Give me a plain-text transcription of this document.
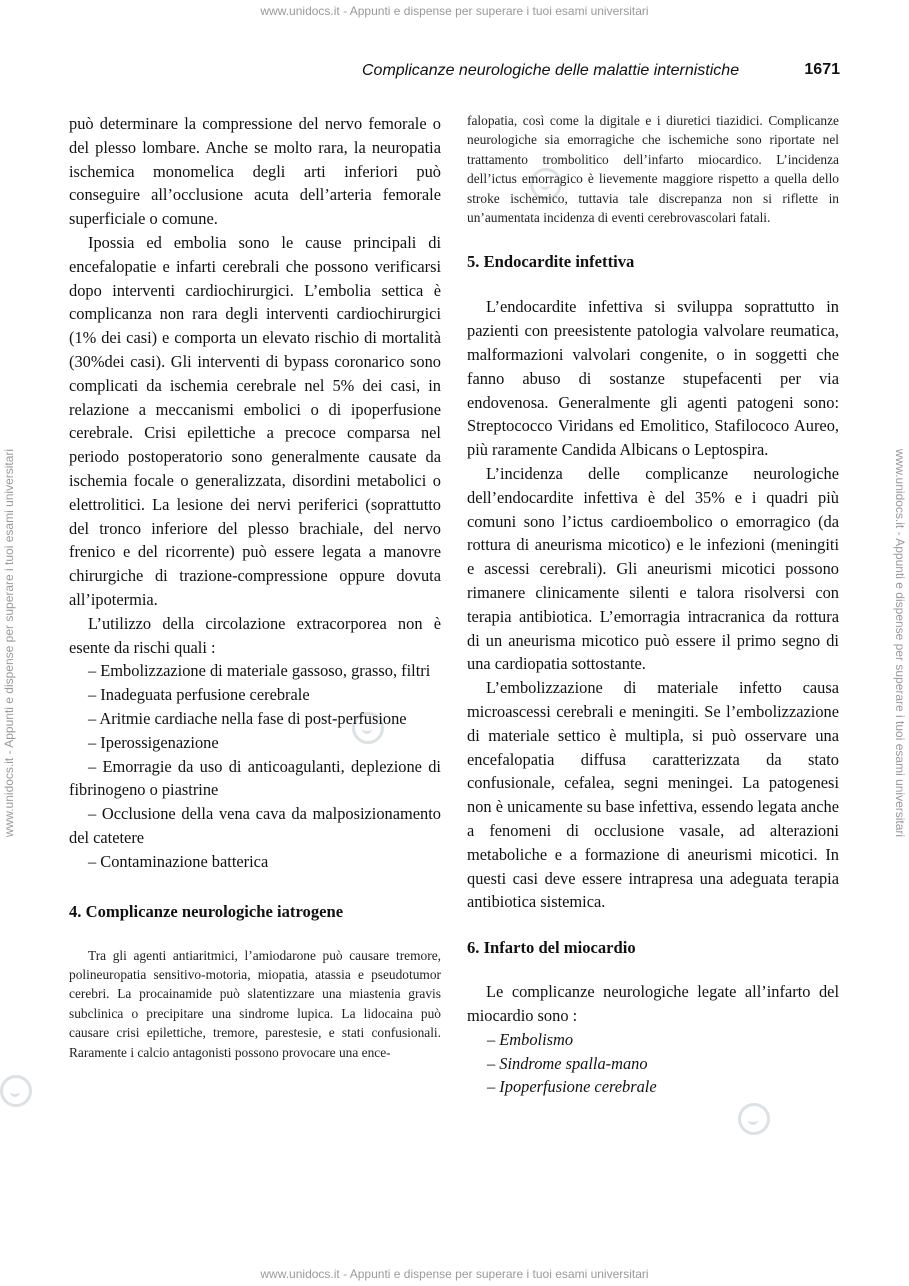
www.unidocs.it - Appunti e dispense per superare i tuoi esami universitari
www.unidocs.it - Appunti e dispense per superare i tuoi esami universitari
www.unidocs.it - Appunti e dispense per superare i tuoi esami universitari	www.unidocs.it - Appunti e dispense per superare i tuoi esami universitari
Complicanze neurologiche delle malattie internistiche	1671

può determinare la compressione del nervo femorale o del plesso lombare. Anche se molto rara, la neuropatia ischemica monomelica degli arti inferiori può conseguire all’occlusione acuta dell’arteria femorale superficiale o comune.

Ipossia ed embolia sono le cause principali di encefalopatie e infarti cerebrali che possono verificarsi dopo interventi cardiochirurgici. L’embolia settica è complicanza non rara degli interventi cardiochirurgici (1% dei casi) e comporta un elevato rischio di mortalità (30%dei casi). Gli interventi di bypass coronarico sono complicati da ischemia cerebrale nel 5% dei casi, in relazione a meccanismi embolici o di ipoperfusione cerebrale. Crisi epilettiche a precoce comparsa nel periodo postoperatorio sono generalmente causate da ischemia focale o generalizzata, disordini metabolici o elettrolitici. La lesione dei nervi periferici (soprattutto del tronco inferiore del plesso brachiale, del nervo frenico e del ricorrente) può essere legata a manovre chirurgiche di trazione-compressione oppure dovuta all’ipotermia.

L’utilizzo della circolazione extracorporea non è esente da rischi quali :

– Embolizzazione di materiale gassoso, grasso, filtri

– Inadeguata perfusione cerebrale

– Aritmie cardiache nella fase di post-perfusione

– Iperossigenazione

– Emorragie da uso di anticoagulanti, deplezione di fibrinogeno o piastrine

– Occlusione della vena cava da malposizionamento del catetere

– Contaminazione batterica

4. Complicanze neurologiche iatrogene

Tra gli agenti antiaritmici, l’amiodarone può causare tremore, polineuropatia sensitivo-motoria, miopatia, atassia e pseudotumor cerebri. La procainamide può slatentizzare una miastenia gravis subclinica o precipitare una sindrome lupica. La lidocaina può causare crisi epilettiche, tremore, parestesie, e stati confusionali. Raramente i calcio antagonisti possono provocare una ence-

falopatia, così come la digitale e i diuretici tiazidici. Complicanze neurologiche sia emorragiche che ischemiche sono riportate nel trattamento trombolitico dell’infarto miocardico. L’incidenza dell’ictus emorragico è lievemente maggiore rispetto a quella dello stroke ischemico, tuttavia tale discrepanza non si riflette in un’aumentata incidenza di eventi cerebrovascolari fatali.

5. Endocardite infettiva

L’endocardite infettiva si sviluppa soprattutto in pazienti con preesistente patologia valvolare reumatica, malformazioni valvolari congenite, o in soggetti che fanno abuso di sostanze stupefacenti per via endovenosa. Generalmente gli agenti patogeni sono: Streptococco Viridans ed Emolitico, Stafilococo Aureo, più raramente Candida Albicans o Leptospira.

L’incidenza delle complicanze neurologiche dell’endocardite infettiva è del 35% e i quadri più comuni sono l’ictus cardioembolico o emorragico (da rottura di aneurisma micotico) e le infezioni (meningiti e ascessi cerebrali). Gli aneurismi micotici possono rimanere clinicamente silenti e talora risolversi con terapia antibiotica. L’emorragia intracranica da rottura di un aneurisma micotico può essere il primo segno di una cardiopatia sottostante.

L’embolizzazione di materiale infetto causa microascessi cerebrali e meningiti. Se l’embolizzazione di materiale settico è multipla, si può osservare una encefalopatia diffusa caratterizzata da stato confusionale, cefalea, segni meningei. La patogenesi non è unicamente su base infettiva, essendo legata anche a fenomeni di occlusione vasale, ad alterazioni metaboliche e a formazione di aneurismi micotici. In questi casi deve essere intrapresa una adeguata terapia antibiotica sistemica.

6. Infarto del miocardio

Le complicanze neurologiche legate all’infarto del miocardio sono :

– Embolismo

– Sindrome spalla-mano

– Ipoperfusione cerebrale
